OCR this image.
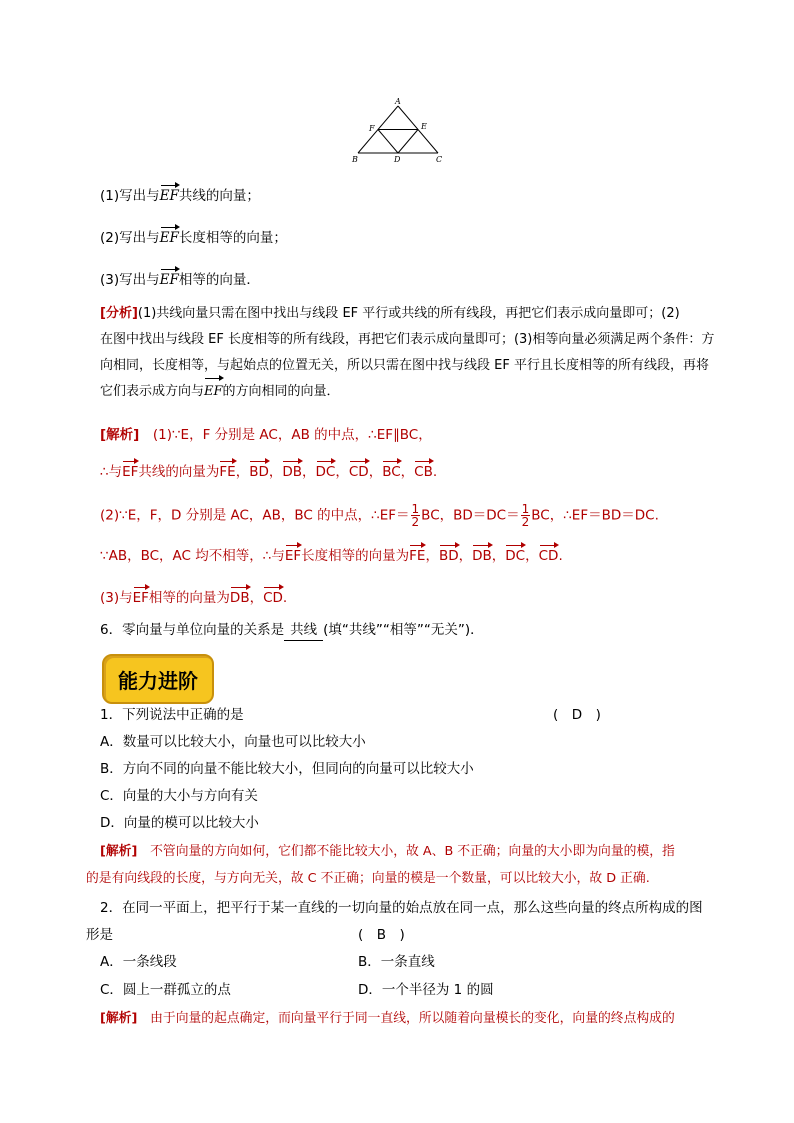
A
F	E
B	D	C
(1)写出与EF共线的向量；
(2)写出与EF长度相等的向量；
(3)写出与EF相等的向量．
[分析](1)共线向量只需在图中找出与线段 EF 平行或共线的所有线段，再把它们表示成向量即可；(2)
在图中找出与线段 EF 长度相等的所有线段，再把它们表示成向量即可；(3)相等向量必须满足两个条件：方
向相同，长度相等，与起始点的位置无关，所以只需在图中找与线段 EF 平行且长度相等的所有线段，再将
它们表示成方向与EF的方向相同的向量．
[解析]　 (1)∵E，F 分别是 AC，AB 的中点，∴EF∥BC，
∴与EF共线的向量为FE，BD，DB，DC，CD，BC，CB.
(2)∵E，F，D 分别是 AC，AB，BC 的中点，∴EF＝ $\frac{1}{2}$ BC，$BD=DC= \frac{1}{2}$ BC，∴EF＝BD＝DC.
∵AB，BC，AC 均不相等，∴与EF长度相等的向量为FE，BD，DB，DC，CD.
(3)与EF相等的向量为DB，CD.
6．零向量与单位向量的关系是 共线 (填“共线”“相等”“无关”)．
能力进阶
1．下列说法中正确的是	(　D　)
A．数量可以比较大小，向量也可以比较大小
B．方向不同的向量不能比较大小，但同向的向量可以比较大小
C．向量的大小与方向有关
D．向量的模可以比较大小
[解析]　不管向量的方向如何，它们都不能比较大小，故 A、B 不正确；向量的大小即为向量的模，指
的是有向线段的长度，与方向无关，故 C 不正确；向量的模是一个数量，可以比较大小，故 D 正确.
2．在同一平面上，把平行于某一直线的一切向量的始点放在同一点，那么这些向量的终点所构成的图
形是	(　B　)
A．一条线段	B．一条直线
C．圆上一群孤立的点	D．一个半径为 1 的圆
[解析]　由于向量的起点确定，而向量平行于同一直线，所以随着向量模长的变化，向量的终点构成的
